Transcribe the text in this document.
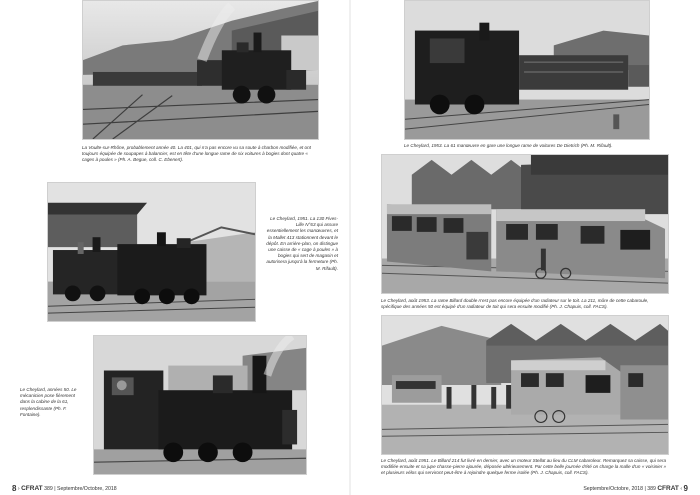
La Voulte-sur-Rhône, probablement année 40. La 401, qui n'a pas encore vu sa soute à charbon modifiée, et ont toujours équipée de soupapes à balancier, est en tête d'une longue rame de six voitures à bogies dont quatre « cages à poules » (Ph. A. Begue, coll. C. Ebenert).
Le Cheylard, 1953. La 61 manœuvre en gare une longue rame de voitures De Dietrich (Ph. M. Rifault).
Le Cheylard, 1951. La 130 Fives-Lille N°63 qui assure essentiellement les manœuvres, et la Mallet 413 stationnent devant le dépôt. En arrière-plan, on distingue une caisse de « cage à poules » à bogies qui sert de magasin et autorisera jusqu'à la fermeture (Ph. M. Rifault).
Le Cheylard, août 1953. La rame Billard double n'est pas encore équipée d'un radiateur sur le toit. La 211, mûre de cette cabaroule, spécifique des années 50 est équipé d'un radiateur de toit qui sera ensuite modifié (Ph. J. Chapuis, coll. FACS).
Le Cheylard, années 50. Le mécanicien pose fièrement dans la cabine de la 61, resplendissante (Ph. F. Fontaine).
Le Cheylard, août 1951. Le Billard 214 fut livré en dernier, avec un moteur Stellat au lieu du CLM cabaroleur. Remarquez sa caisse, qui sera modifiée ensuite et sa jupe chasse-pierre ajourée, déposée ultérieurement. Par cette belle journée d'été on charge la malle d'un « voisinier » et plusieurs vélos qui serviront peut-être à rejoindre quelque ferme isolée (Ph. J. Chapuis, coll. FACS).
8 › CFRAT 389 | Septembre/Octobre, 2018	Septembre/Octobre, 2018 | 389 CFRAT ‹ 9
